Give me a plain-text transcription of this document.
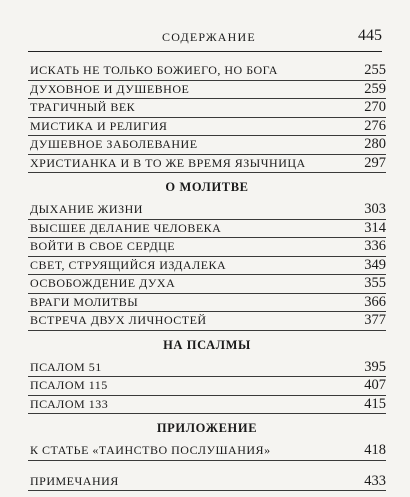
СОДЕРЖАНИЕ	445
ИСКАТЬ НЕ ТОЛЬКО БОЖИЕГО, НО БОГА	255
ДУХОВНОЕ И ДУШЕВНОЕ	259
ТРАГИЧНЫЙ ВЕК	270
МИСТИКА И РЕЛИГИЯ	276
ДУШЕВНОЕ ЗАБОЛЕВАНИЕ	280
ХРИСТИАНКА И В ТО ЖЕ ВРЕМЯ ЯЗЫЧНИЦА	297
О МОЛИТВЕ
ДЫХАНИЕ ЖИЗНИ	303
ВЫСШЕЕ ДЕЛАНИЕ ЧЕЛОВЕКА	314
ВОЙТИ В СВОЕ СЕРДЦЕ	336
СВЕТ, СТРУЯЩИЙСЯ ИЗДАЛЕКА	349
ОСВОБОЖДЕНИЕ ДУХА	355
ВРАГИ МОЛИТВЫ	366
ВСТРЕЧА ДВУХ ЛИЧНОСТЕЙ	377
НА ПСАЛМЫ
ПСАЛОМ 51	395
ПСАЛОМ 115	407
ПСАЛОМ 133	415
ПРИЛОЖЕНИЕ
К СТАТЬЕ «ТАИНСТВО ПОСЛУШАНИЯ»	418
ПРИМЕЧАНИЯ	433
